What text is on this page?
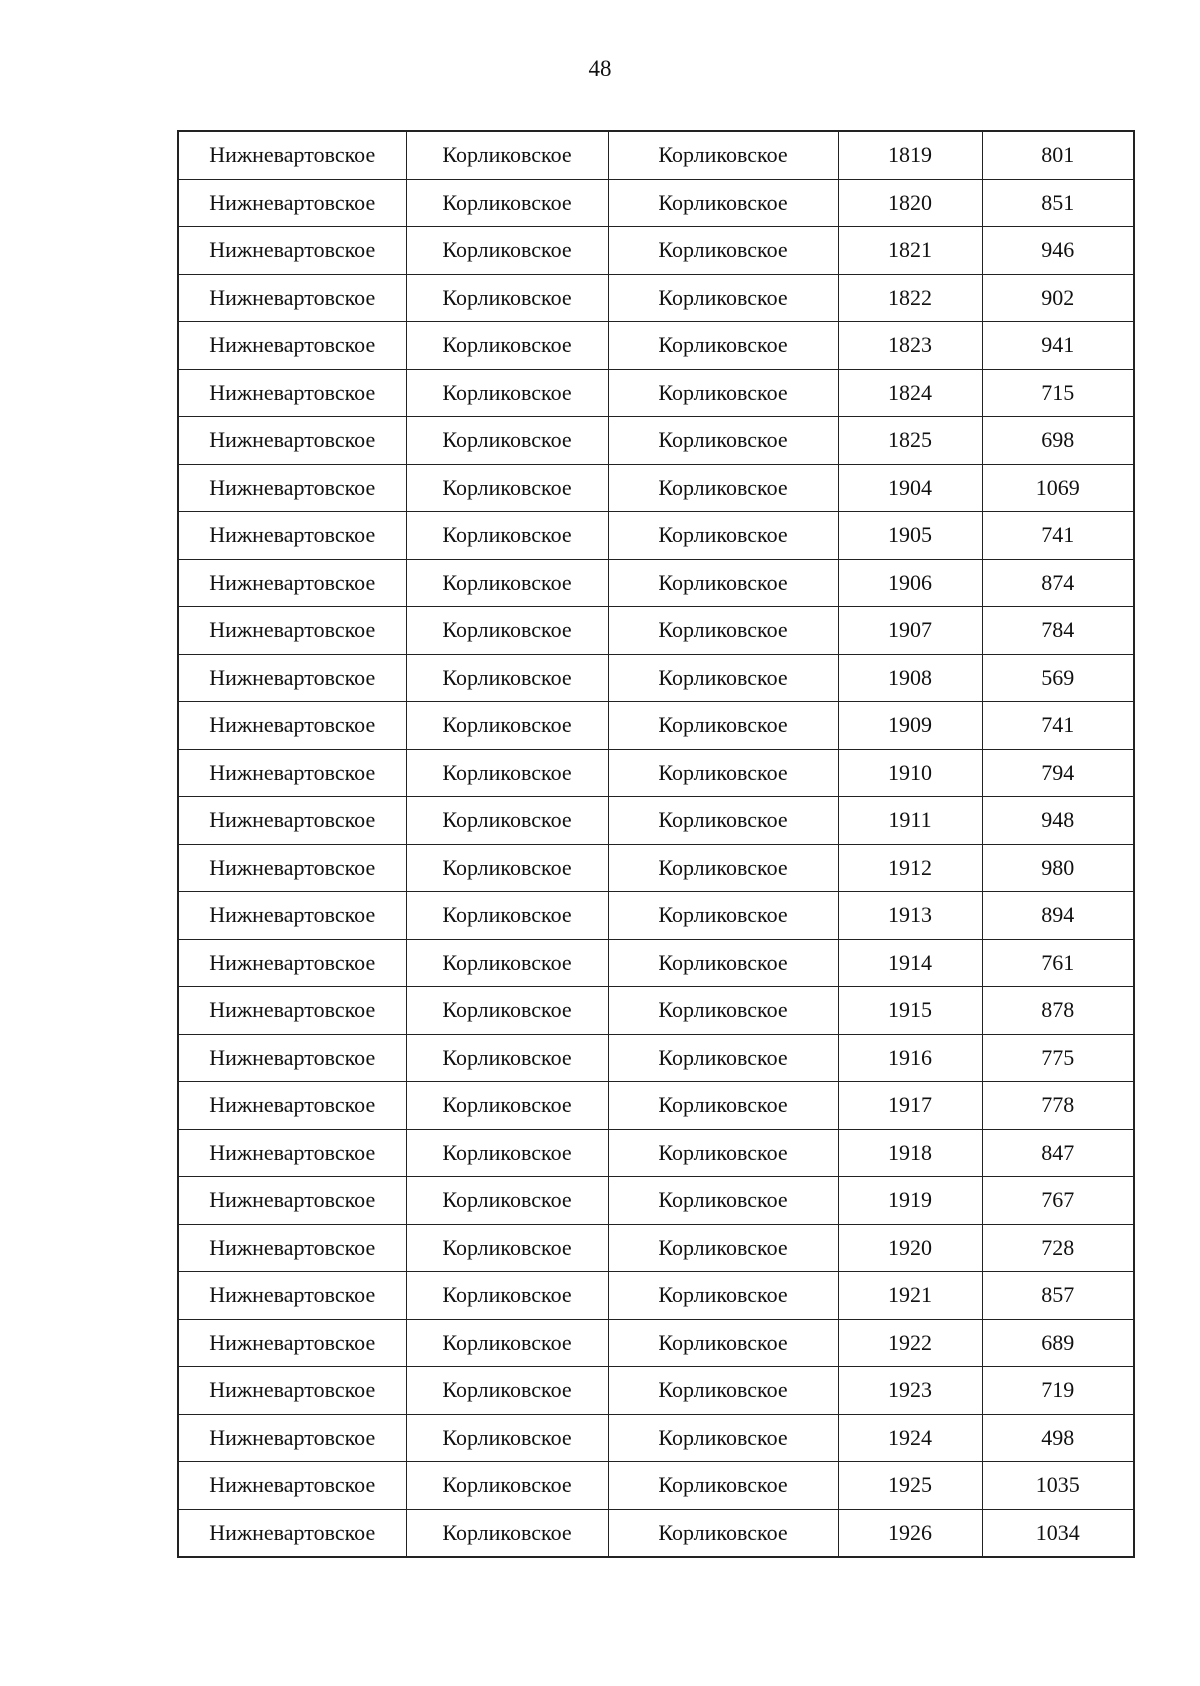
48
Нижневартовское	Корликовское	Корликовское	1819	801
Нижневартовское	Корликовское	Корликовское	1820	851
Нижневартовское	Корликовское	Корликовское	1821	946
Нижневартовское	Корликовское	Корликовское	1822	902
Нижневартовское	Корликовское	Корликовское	1823	941
Нижневартовское	Корликовское	Корликовское	1824	715
Нижневартовское	Корликовское	Корликовское	1825	698
Нижневартовское	Корликовское	Корликовское	1904	1069
Нижневартовское	Корликовское	Корликовское	1905	741
Нижневартовское	Корликовское	Корликовское	1906	874
Нижневартовское	Корликовское	Корликовское	1907	784
Нижневартовское	Корликовское	Корликовское	1908	569
Нижневартовское	Корликовское	Корликовское	1909	741
Нижневартовское	Корликовское	Корликовское	1910	794
Нижневартовское	Корликовское	Корликовское	1911	948
Нижневартовское	Корликовское	Корликовское	1912	980
Нижневартовское	Корликовское	Корликовское	1913	894
Нижневартовское	Корликовское	Корликовское	1914	761
Нижневартовское	Корликовское	Корликовское	1915	878
Нижневартовское	Корликовское	Корликовское	1916	775
Нижневартовское	Корликовское	Корликовское	1917	778
Нижневартовское	Корликовское	Корликовское	1918	847
Нижневартовское	Корликовское	Корликовское	1919	767
Нижневартовское	Корликовское	Корликовское	1920	728
Нижневартовское	Корликовское	Корликовское	1921	857
Нижневартовское	Корликовское	Корликовское	1922	689
Нижневартовское	Корликовское	Корликовское	1923	719
Нижневартовское	Корликовское	Корликовское	1924	498
Нижневартовское	Корликовское	Корликовское	1925	1035
Нижневартовское	Корликовское	Корликовское	1926	1034
